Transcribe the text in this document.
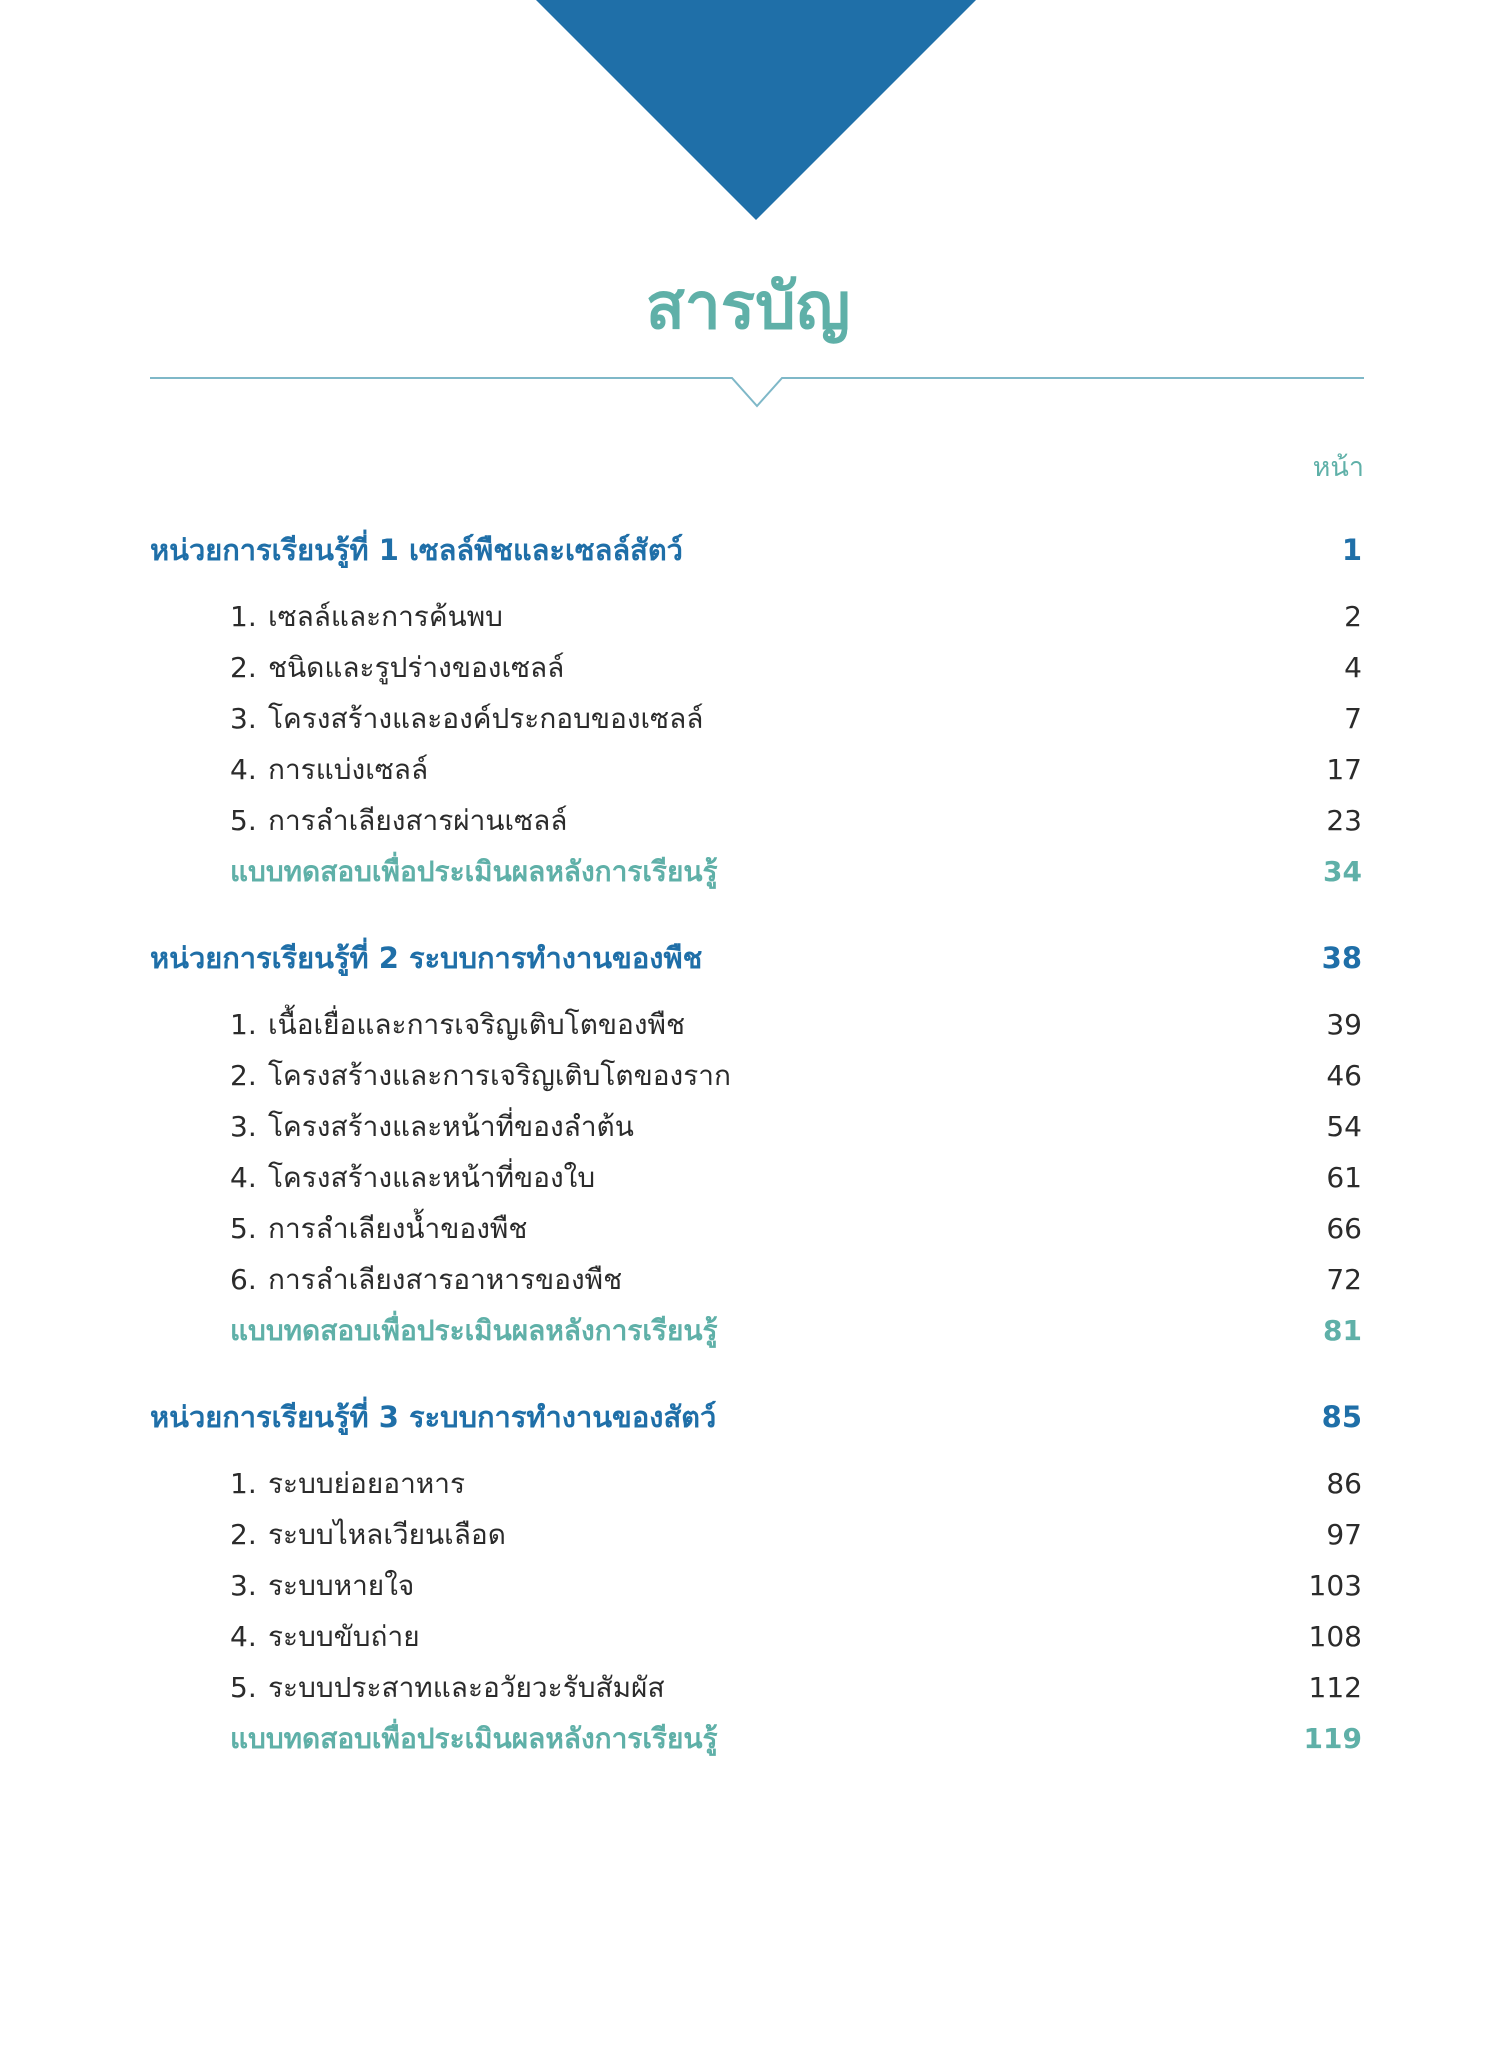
สารบัญ
หน้า
หน่วยการเรียนรู้ที่ 1 เซลล์พืชและเซลล์สัตว์	1
1. เซลล์และการค้นพบ	2
2. ชนิดและรูปร่างของเซลล์	4
3. โครงสร้างและองค์ประกอบของเซลล์	7
4. การแบ่งเซลล์	17
5. การลำเลียงสารผ่านเซลล์	23
แบบทดสอบเพื่อประเมินผลหลังการเรียนรู้	34
หน่วยการเรียนรู้ที่ 2 ระบบการทำงานของพืช	38
1. เนื้อเยื่อและการเจริญเติบโตของพืช	39
2. โครงสร้างและการเจริญเติบโตของราก	46
3. โครงสร้างและหน้าที่ของลำต้น	54
4. โครงสร้างและหน้าที่ของใบ	61
5. การลำเลียงน้ำของพืช	66
6. การลำเลียงสารอาหารของพืช	72
แบบทดสอบเพื่อประเมินผลหลังการเรียนรู้	81
หน่วยการเรียนรู้ที่ 3 ระบบการทำงานของสัตว์	85
1. ระบบย่อยอาหาร	86
2. ระบบไหลเวียนเลือด	97
3. ระบบหายใจ	103
4. ระบบขับถ่าย	108
5. ระบบประสาทและอวัยวะรับสัมผัส	112
แบบทดสอบเพื่อประเมินผลหลังการเรียนรู้	119
